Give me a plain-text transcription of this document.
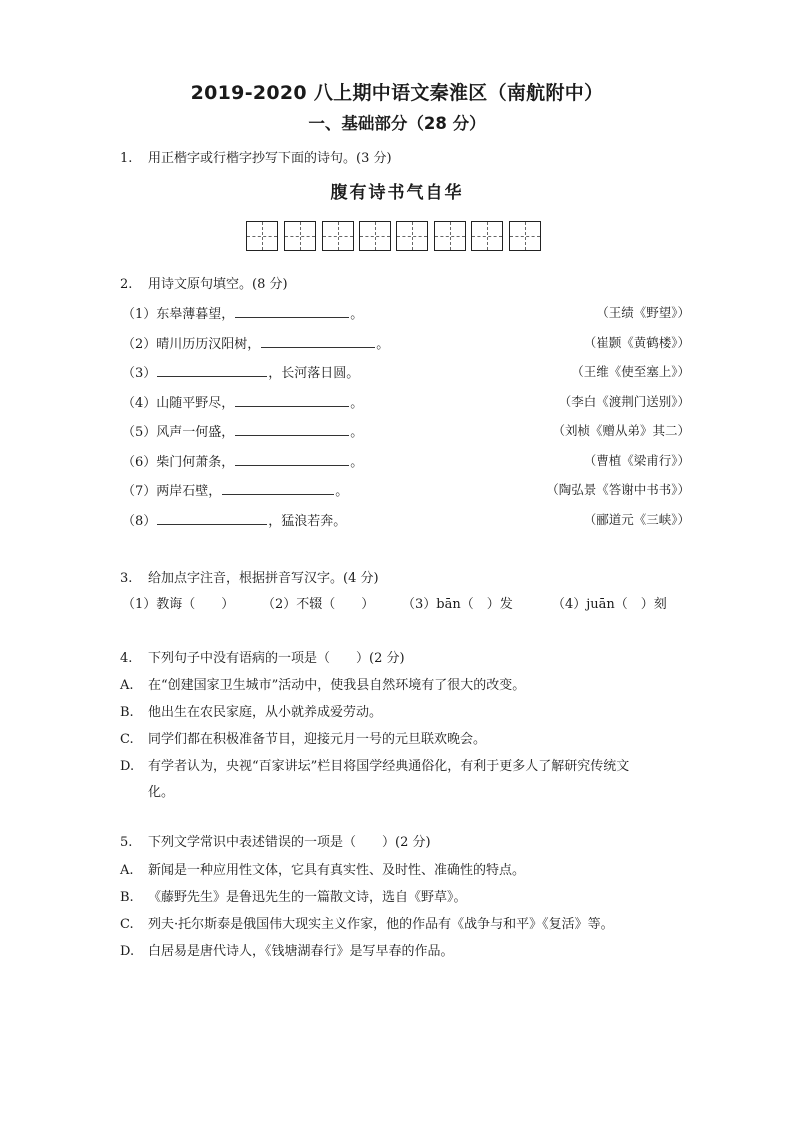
2019-2020 八上期中语文秦淮区（南航附中）
一、基础部分（28 分）
1. 用正楷字或行楷字抄写下面的诗句。(3 分)
腹有诗书气自华
2. 用诗文原句填空。(8 分)
（1）东皋薄暮望，	。	（王绩《野望》）
（2）晴川历历汉阳树，	。	（崔颢《黄鹤楼》）
（3）	，长河落日圆。	（王维《使至塞上》）
（4）山随平野尽，	。	（李白《渡荆门送别》）
（5）风声一何盛，	。	（刘桢《赠从弟》其二）
（6）柴门何萧条，	。	（曹植《梁甫行》）
（7）两岸石壁，	。	（陶弘景《答谢中书书》）
（8）	，猛浪若奔。	（郦道元《三峡》）
3. 给加点字注音，根据拼音写汉字。(4 分)
（1）教诲（　　） （2）不辍（　　） （3）bān（　）发	（4）juān（　）刻
4. 下列句子中没有语病的一项是（　　）(2 分)
A. 在“创建国家卫生城市”活动中，使我县自然环境有了很大的改变。
B. 他出生在农民家庭，从小就养成爱劳动。
C. 同学们都在积极准备节目，迎接元月一号的元旦联欢晚会。
D. 有学者认为，央视“百家讲坛”栏目将国学经典通俗化，有利于更多人了解研究传统文
化。
5. 下列文学常识中表述错误的一项是（　　）(2 分)
A. 新闻是一种应用性文体，它具有真实性、及时性、准确性的特点。
B. 《藤野先生》是鲁迅先生的一篇散文诗，选自《野草》。
C. 列夫·托尔斯泰是俄国伟大现实主义作家，他的作品有《战争与和平》《复活》等。
D. 白居易是唐代诗人，《钱塘湖春行》是写早春的作品。
